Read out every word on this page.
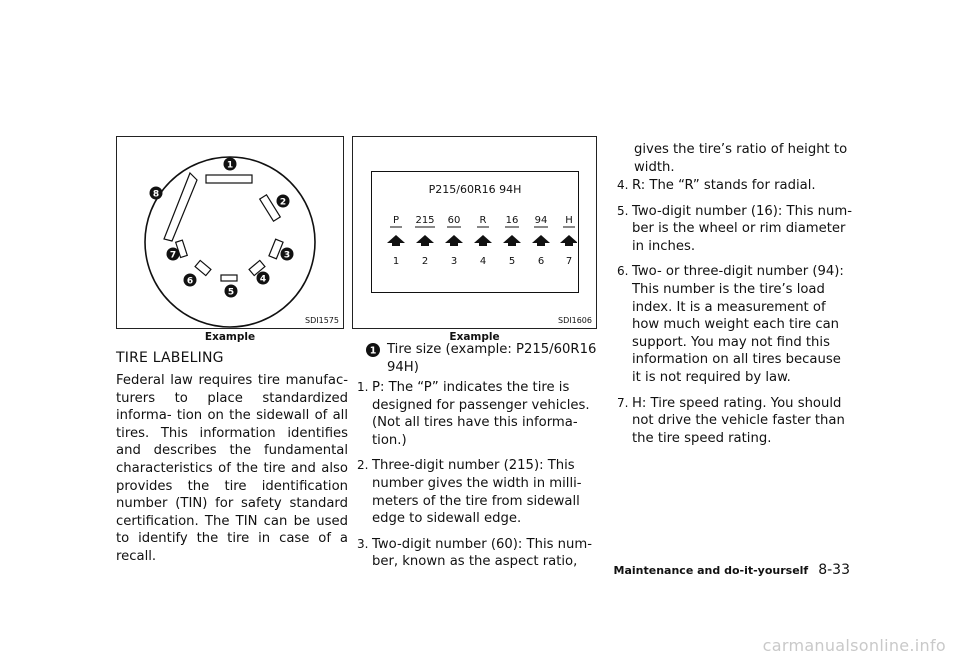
1
2
3
4
5
6
7
8
SDI1575
Example
P215/60R16 94H
P
1
215
2
60
3
R
4
16
5
94
6
H
7
SDI1606
Example
TIRE LABELING
Federal law requires tire manufac- turers to place standardized informa- tion on the sidewall of all tires. This information identifies and describes the fundamental characteristics of the tire and also provides the tire identification number (TIN) for safety standard certification. The TIN can be used to identify the tire in case of a recall.
1 Tire size (example: P215/60R16 94H)
1. P: The “P” indicates the tire is designed for passenger vehicles. (Not all tires have this informa- tion.)
2. Three-digit number (215): This number gives the width in milli- meters of the tire from sidewall edge to sidewall edge.
3. Two-digit number (60): This num- ber, known as the aspect ratio,
gives the tire’s ratio of height to width.
4. R: The “R” stands for radial.
5. Two-digit number (16): This num- ber is the wheel or rim diameter in inches.
6. Two- or three-digit number (94): This number is the tire’s load index. It is a measurement of how much weight each tire can support. You may not find this information on all tires because it is not required by law.
7. H: Tire speed rating. You should not drive the vehicle faster than the tire speed rating.
Maintenance and do-it-yourself 8-33
carmanualsonline.info
